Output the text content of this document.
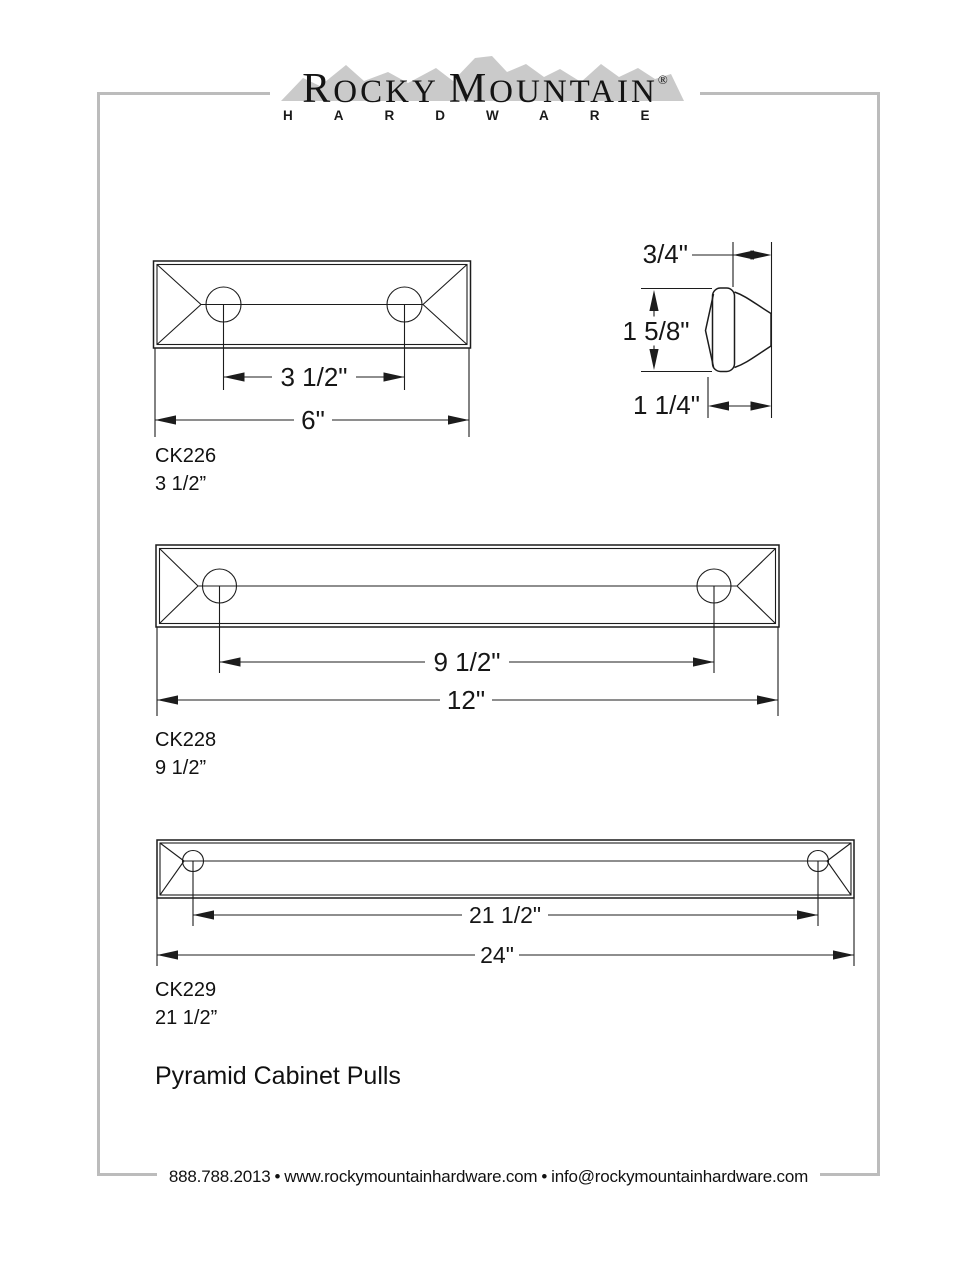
3 1/2"
6"
3/4"
1 5/8"
1 1/4"
9 1/2"
12"
21 1/2"
24"
ROCKY MOUNTAIN®
HARDWARE
CK226
3 1/2”
CK228
9 1/2”
CK229
21 1/2”
Pyramid Cabinet Pulls
888.788.2013 • www.rockymountainhardware.com • info@rockymountainhardware.com
